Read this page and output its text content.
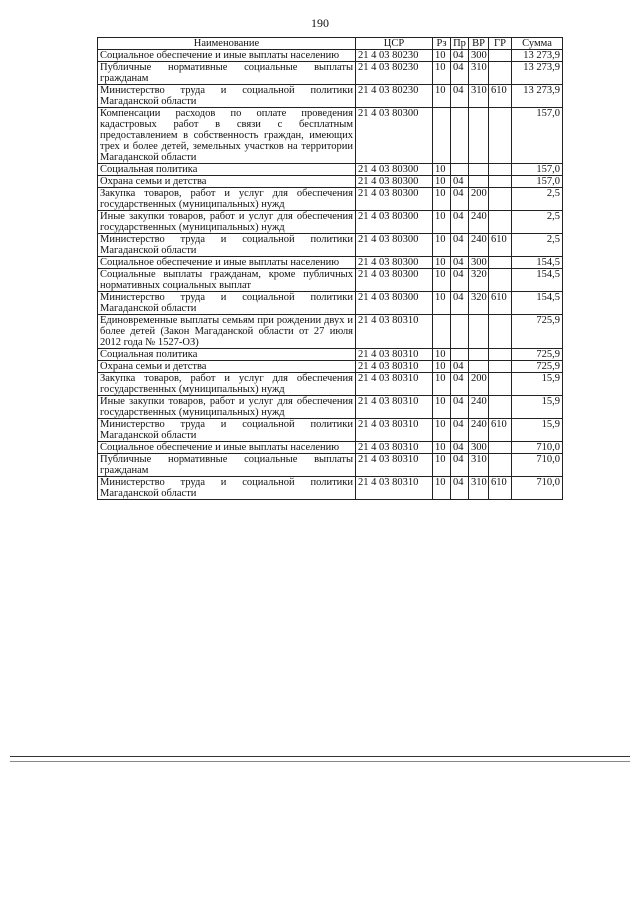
190
Наименование	ЦСР	Рз	Пр	ВР	ГР	Сумма
Социальное обеспечение и иные выплаты населению	21 4 03 80230	10	04	300		13 273,9
Публичные нормативные социальные выплаты гражданам	21 4 03 80230	10	04	310		13 273,9
Министерство труда и социальной политики Магаданской области	21 4 03 80230	10	04	310	610	13 273,9
Компенсации расходов по оплате проведения кадастровых работ в связи с бесплатным предоставлением в собственность граждан, имеющих трех и более детей, земельных участков на территории Магаданской области	21 4 03 80300					157,0
Социальная политика	21 4 03 80300	10				157,0
Охрана семьи и детства	21 4 03 80300	10	04			157,0
Закупка товаров, работ и услуг для обеспечения государственных (муниципальных) нужд	21 4 03 80300	10	04	200		2,5
Иные закупки товаров, работ и услуг для обеспечения государственных (муниципальных) нужд	21 4 03 80300	10	04	240		2,5
Министерство труда и социальной политики Магаданской области	21 4 03 80300	10	04	240	610	2,5
Социальное обеспечение и иные выплаты населению	21 4 03 80300	10	04	300		154,5
Социальные выплаты гражданам, кроме публичных нормативных социальных выплат	21 4 03 80300	10	04	320		154,5
Министерство труда и социальной политики Магаданской области	21 4 03 80300	10	04	320	610	154,5
Единовременные выплаты семьям при рождении двух и более детей (Закон Магаданской области от 27 июля 2012 года № 1527-ОЗ)	21 4 03 80310					725,9
Социальная политика	21 4 03 80310	10				725,9
Охрана семьи и детства	21 4 03 80310	10	04			725,9
Закупка товаров, работ и услуг для обеспечения государственных (муниципальных) нужд	21 4 03 80310	10	04	200		15,9
Иные закупки товаров, работ и услуг для обеспечения государственных (муниципальных) нужд	21 4 03 80310	10	04	240		15,9
Министерство труда и социальной политики Магаданской области	21 4 03 80310	10	04	240	610	15,9
Социальное обеспечение и иные выплаты населению	21 4 03 80310	10	04	300		710,0
Публичные нормативные социальные выплаты гражданам	21 4 03 80310	10	04	310		710,0
Министерство труда и социальной политики Магаданской области	21 4 03 80310	10	04	310	610	710,0
